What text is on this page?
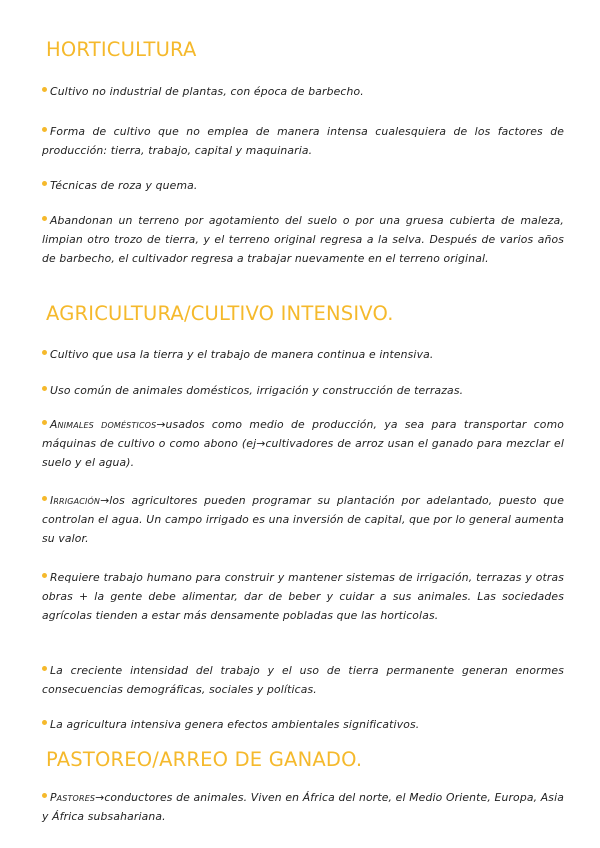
HORTICULTURA
Cultivo no industrial de plantas, con época de barbecho.
Forma de cultivo que no emplea de manera intensa cualesquiera de los factores de producción: tierra, trabajo, capital y maquinaria.
Técnicas de roza y quema.
Abandonan un terreno por agotamiento del suelo o por una gruesa cubierta de maleza, limpian otro trozo de tierra, y el terreno original regresa a la selva. Después de varios años de barbecho, el cultivador regresa a trabajar nuevamente en el terreno original.
AGRICULTURA/CULTIVO INTENSIVO.
Cultivo que usa la tierra y el trabajo de manera continua e intensiva.
Uso común de animales domésticos, irrigación y construcción de terrazas.
Animales domésticos→usados como medio de producción, ya sea para transportar como máquinas de cultivo o como abono (ej→cultivadores de arroz usan el ganado para mezclar el suelo y el agua).
Irrigación→los agricultores pueden programar su plantación por adelantado, puesto que controlan el agua. Un campo irrigado es una inversión de capital, que por lo general aumenta su valor.
Requiere trabajo humano para construir y mantener sistemas de irrigación, terrazas y otras obras + la gente debe alimentar, dar de beber y cuidar a sus animales. Las sociedades agrícolas tienden a estar más densamente pobladas que las horticolas.
La creciente intensidad del trabajo y el uso de tierra permanente generan enormes consecuencias demográficas, sociales y políticas.
La agricultura intensiva genera efectos ambientales significativos.
PASTOREO/ARREO DE GANADO.
Pastores→conductores de animales. Viven en África del norte, el Medio Oriente, Europa, Asia y África subsahariana.
